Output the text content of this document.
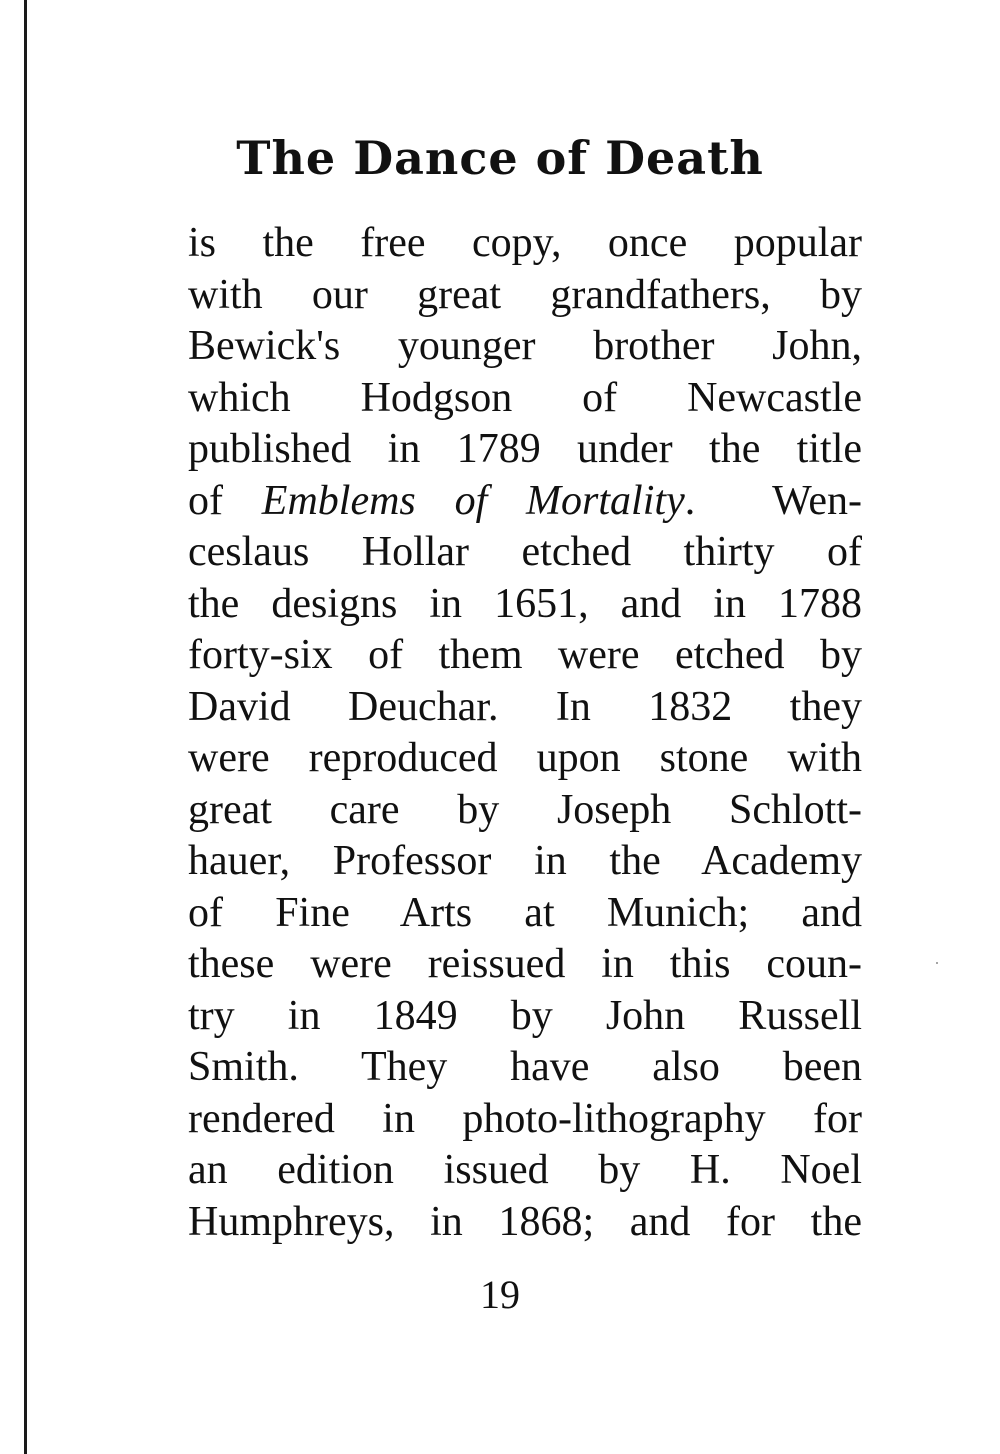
The Dance of Death
is the free copy, once popular
with our great grandfathers, by
Bewick's younger brother John,
which Hodgson of Newcastle
published in 1789 under the title
of Emblems of Mortality.  Wen-
ceslaus Hollar etched thirty of
the designs in 1651, and in 1788
forty-six of them were etched by
David Deuchar. In 1832 they
were reproduced upon stone with
great care by Joseph Schlott-
hauer, Professor in the Academy
of Fine Arts at Munich; and
these were reissued in this coun-
try in 1849 by John Russell
Smith. They have also been
rendered in photo-lithography for
an edition issued by H. Noel
Humphreys, in 1868; and for the
19
